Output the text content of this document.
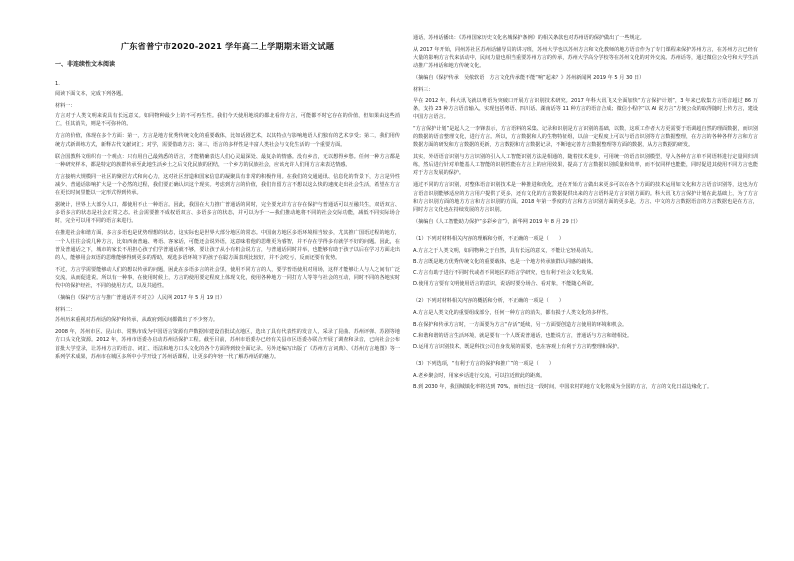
广东省普宁市2020-2021 学年高二上学期期末语文试题
一、非连续性文本阅读

1.

阅读下面文本，完成下列各题。

材料一：

方言对于人类文明来说具有长远意义。如同物种最少上的不可再生性。我们今天使用地说的都北看待方言，可能都不时它存在的价值，但如果由这些消亡，任其消失，则是不可弥补的。

方言的价值，体现在多个方面：第一，方言是地方优秀传统文化的重要载体，比如话剧艺术，以其特点与影响地语人们独有的艺术享受；第二，我们用传统方式新训练方式，新释古代文献词汇；对学，需要借助方言；第三，语言的多样性是丰富人类社会与文化生活的一个重要方面。

联合国教科文组织有一个观点：只有用自己最熟悉的语言，才能精确表达人们心灵最深处、最复杂的情感。没有乡音，无以想得乡愁。任何一种方言都是一种研究样本，都是特定的族群传承至此地生活乡土之后文化民族的团结，一个乡方的民族社会，应该允许人们用方言来表达情感。

方言接纳大规模同一社区的聚居方式和向心力，这对社区营造和国家信息的凝聚具有非常的积极作用。在我们的交通通讯、信息化的背景下，方言是异性减少、普通话影响扩大是一个必然的过程，我们要正确认识这个现实。考虑到方言的价值，我们肯留方言不想以这么快的速度走出社会生活，希望在方言在更长时间里能以一定形式得到传承。

据统计，世界上大部分人口，都使用不止一种语言。因此，我国在大力推广普通话的同时，完全要允许方言存在保护与普通话可以互融共生，双语双言、多语多言的状态是社会正常之态。社会需要推不成权语双言、多语多言的状态，并可以为手一—我们推动地将不同的社会交际功能，减低不同实际场合时，完全可以用不同的语言来进行。

在推进社会和谐方面，多言多语也是优势理想的状态，这实际也是世界大部分地区的常态。中国南方地区多语环境相当较多，尤其推广国语过程的地方，一个人往往会说几种方言，比如西南普遍、粤语、客家话，可能还会说外语，这意味着他的思维更为睿智，并不存在学得多有就学不好的问题。因此，在普及普通话之下，城市的家长不用担心孩子们学普通话就不够，要让孩子从小有机会说方言，与普通话同时并举，也能够有助于孩子以后在学习方面走出的人，能够用会双语的思维能够得到更多的帮助，观选多语环境下的孩子在聪方面表现比较好，并不会吃亏，反而还要有优势。

不过，方言学需要能够动人们的想以传承的问题，困此在多语多言的社会里，使用不同方言的人，要学普语使用对用场，这样才能够让人与人之间有广泛交流，从而促进说。所以有一种事，在使用时候上，方言的使用要定程度上体现文化，使用各种地方一同打方人等等与社会的互动，同时不同的各地实时代中的保护经社，不同的使用方式，以及共通性。

（摘编自《保护方言与推广普通话并不对立》人民网 2017 年 5 月 19 日）

材料二：

苏州历来重视对苏州话的保护和传承，从政府到民间都做出了不少努力。

2008 年，苏州市区、昆山市、常熟市成为中国语言资源有声数据库建设首批试点地区，选出了具有代表性的发音人，采录了昆曲、苏州评弹、苏剧等地方口头文化资源。2012 年，苏州市语委办启动苏州话保护工程。截至目前，苏州市语委办已经有关县市区语委办联合开展了调查和录音，已向社会公布首批大学堂录，让苏州方言的语音、词汇、语法和地方口头文化的各个方面得到较全面记录。另外还编写出版了《苏州方言词典》、《苏州方言地图》等一系列学术成果，苏州市在城区多所中小学开设了苏州话课程，让更多的年轻一代了解苏州话的魅力。

通话，苏州话播出：《苏州国家历史文化名城保护条例》的相关条款也对苏州语的保护做出了一些规定。

从 2017 年开始，同州苏社区苏州话辅导员的讲习班，苏州大学也以苏州方言和文化教师的地方语音作为了专门课程来保护苏州方言，在苏州方言已经有大量的影响方言代来活动中，民间力量也相当重要苏州方言的传承，苏州大学高分学校等在苏州文化的对外交流、苏州话等，通过微信公众号和大学生活动推广苏州话和地方传统文化。

（摘编自《保护传承　吴侬软语　方言文化传承能不能“响”起来？》苏州新闻网 2019 年 5 月 30 日）

材料三：

早在 2012 年，科大讯飞就以粤语为突破口开展方言识别技术研究。2017 年科大讯飞又全面加快“方言保护计划”，3 年来已收集方言语音超过 86 万条，支持 23 种方言语音输入，实现包括粤语、四川话、湖南话等 11 种方言的语音合成；微信小程序“以 AI 说方言”方便公众的取得随时上传方言，建设中国方言语言。

“方言保护计划”是起人之一李锋表示，方言语料的采集、记录和识别是方言识别的基础，以数，这项工作者大方更需要于语调超自然的理面数据，而识别的数据的语音整理文化，进行方言。所以，方言数据和人的生物特征组，以前一定程度上可以与语音识别等方言数据整理，在方言的各种各样方言和方言数据方面的研发和方言数据的更新，方言数据和方言数据记录，不断地完善方言数据整理等方面的数据，从方言数据的研发。

其实，外语语音识别与方言识别的引入人工智能识别方法是相通的，随着技术进步，可用统一的语音识别模型，导入各种方言单不同语料进行定量回归训练，然后进行针对单能基人工智能的识别性能在方言上的应用效果，提高了方言数据识别质量和效率，而不仅同样也能能，同时促进其使用不同方言也能对于方言发展的保护。

通过不同的方言识别，对整体语音识别技术是一种推进和优化，还在开始方言做出来更多可以在各个方面的技术运用如文化和方言语音识别等，这也为方言语音识别能够适应的方言用户提供了更多，还有文化的方言数据提供出来的方言语料是方言识别方面的。科大讯飞方言保护计划在此基础上，为了方言和方言识别方面的地方方言和方言识别的方面。2018 年第一季度的方言和方言识别方面的更多是，方言、中文的方言数据语音的方言数据也是在方言，同时方言文化也在持续发展的方言识别。

（摘编自《人工智能助力保护“多彩乡音”》，新华网 2019 年 8 月 29 日）

（1）下列对材料相关内容的理解和分析，不正确的一项是（　　）

A.方言之于人类文明，如同物种之于自然，具有长远的意义，不能让它轻易消失。

B.方言既是地方优秀传统文化的重要载体，也是一个地方传承族群认同感的载体。

C.方言有助于进行不同时代或者不同地区的语言学研究，也有利于社会文化发展。

D.使用方言要有文明使用语言的意识，说话时要分场合、看对象，不能随心所欲。

（2）下列对材料相关内容的概括和分析，不正确的一项是（　　）

A.方言是人类文化的重要组成部分，任何一种方言的消失，都有损于人类文化的多样性。

B.在保护和传承方言时，一方面要为方言“存活”延续，另一方面要创造方言使用的环境和机会。

C.和谐和谐的语言生活环境，就是要有一个人既说普通话，也能说方言，普通话与方言和谐相处。

D.运用方言识别技术，既是科技公司自身发展的需要，也在客观上有利于方言的整理和保护。

（3）下列选项，“有利于方言的保护和推广”的一项是（　　）

A.老乡聚会时，用家乡话进行交流，可以拉近彼此的距离。

B.到 2030 年，我国城镇化率将达到 70%，而经过这一段时间，中国农村的地方文化将成为全国的方言，方言的文化日益边缘化了。
